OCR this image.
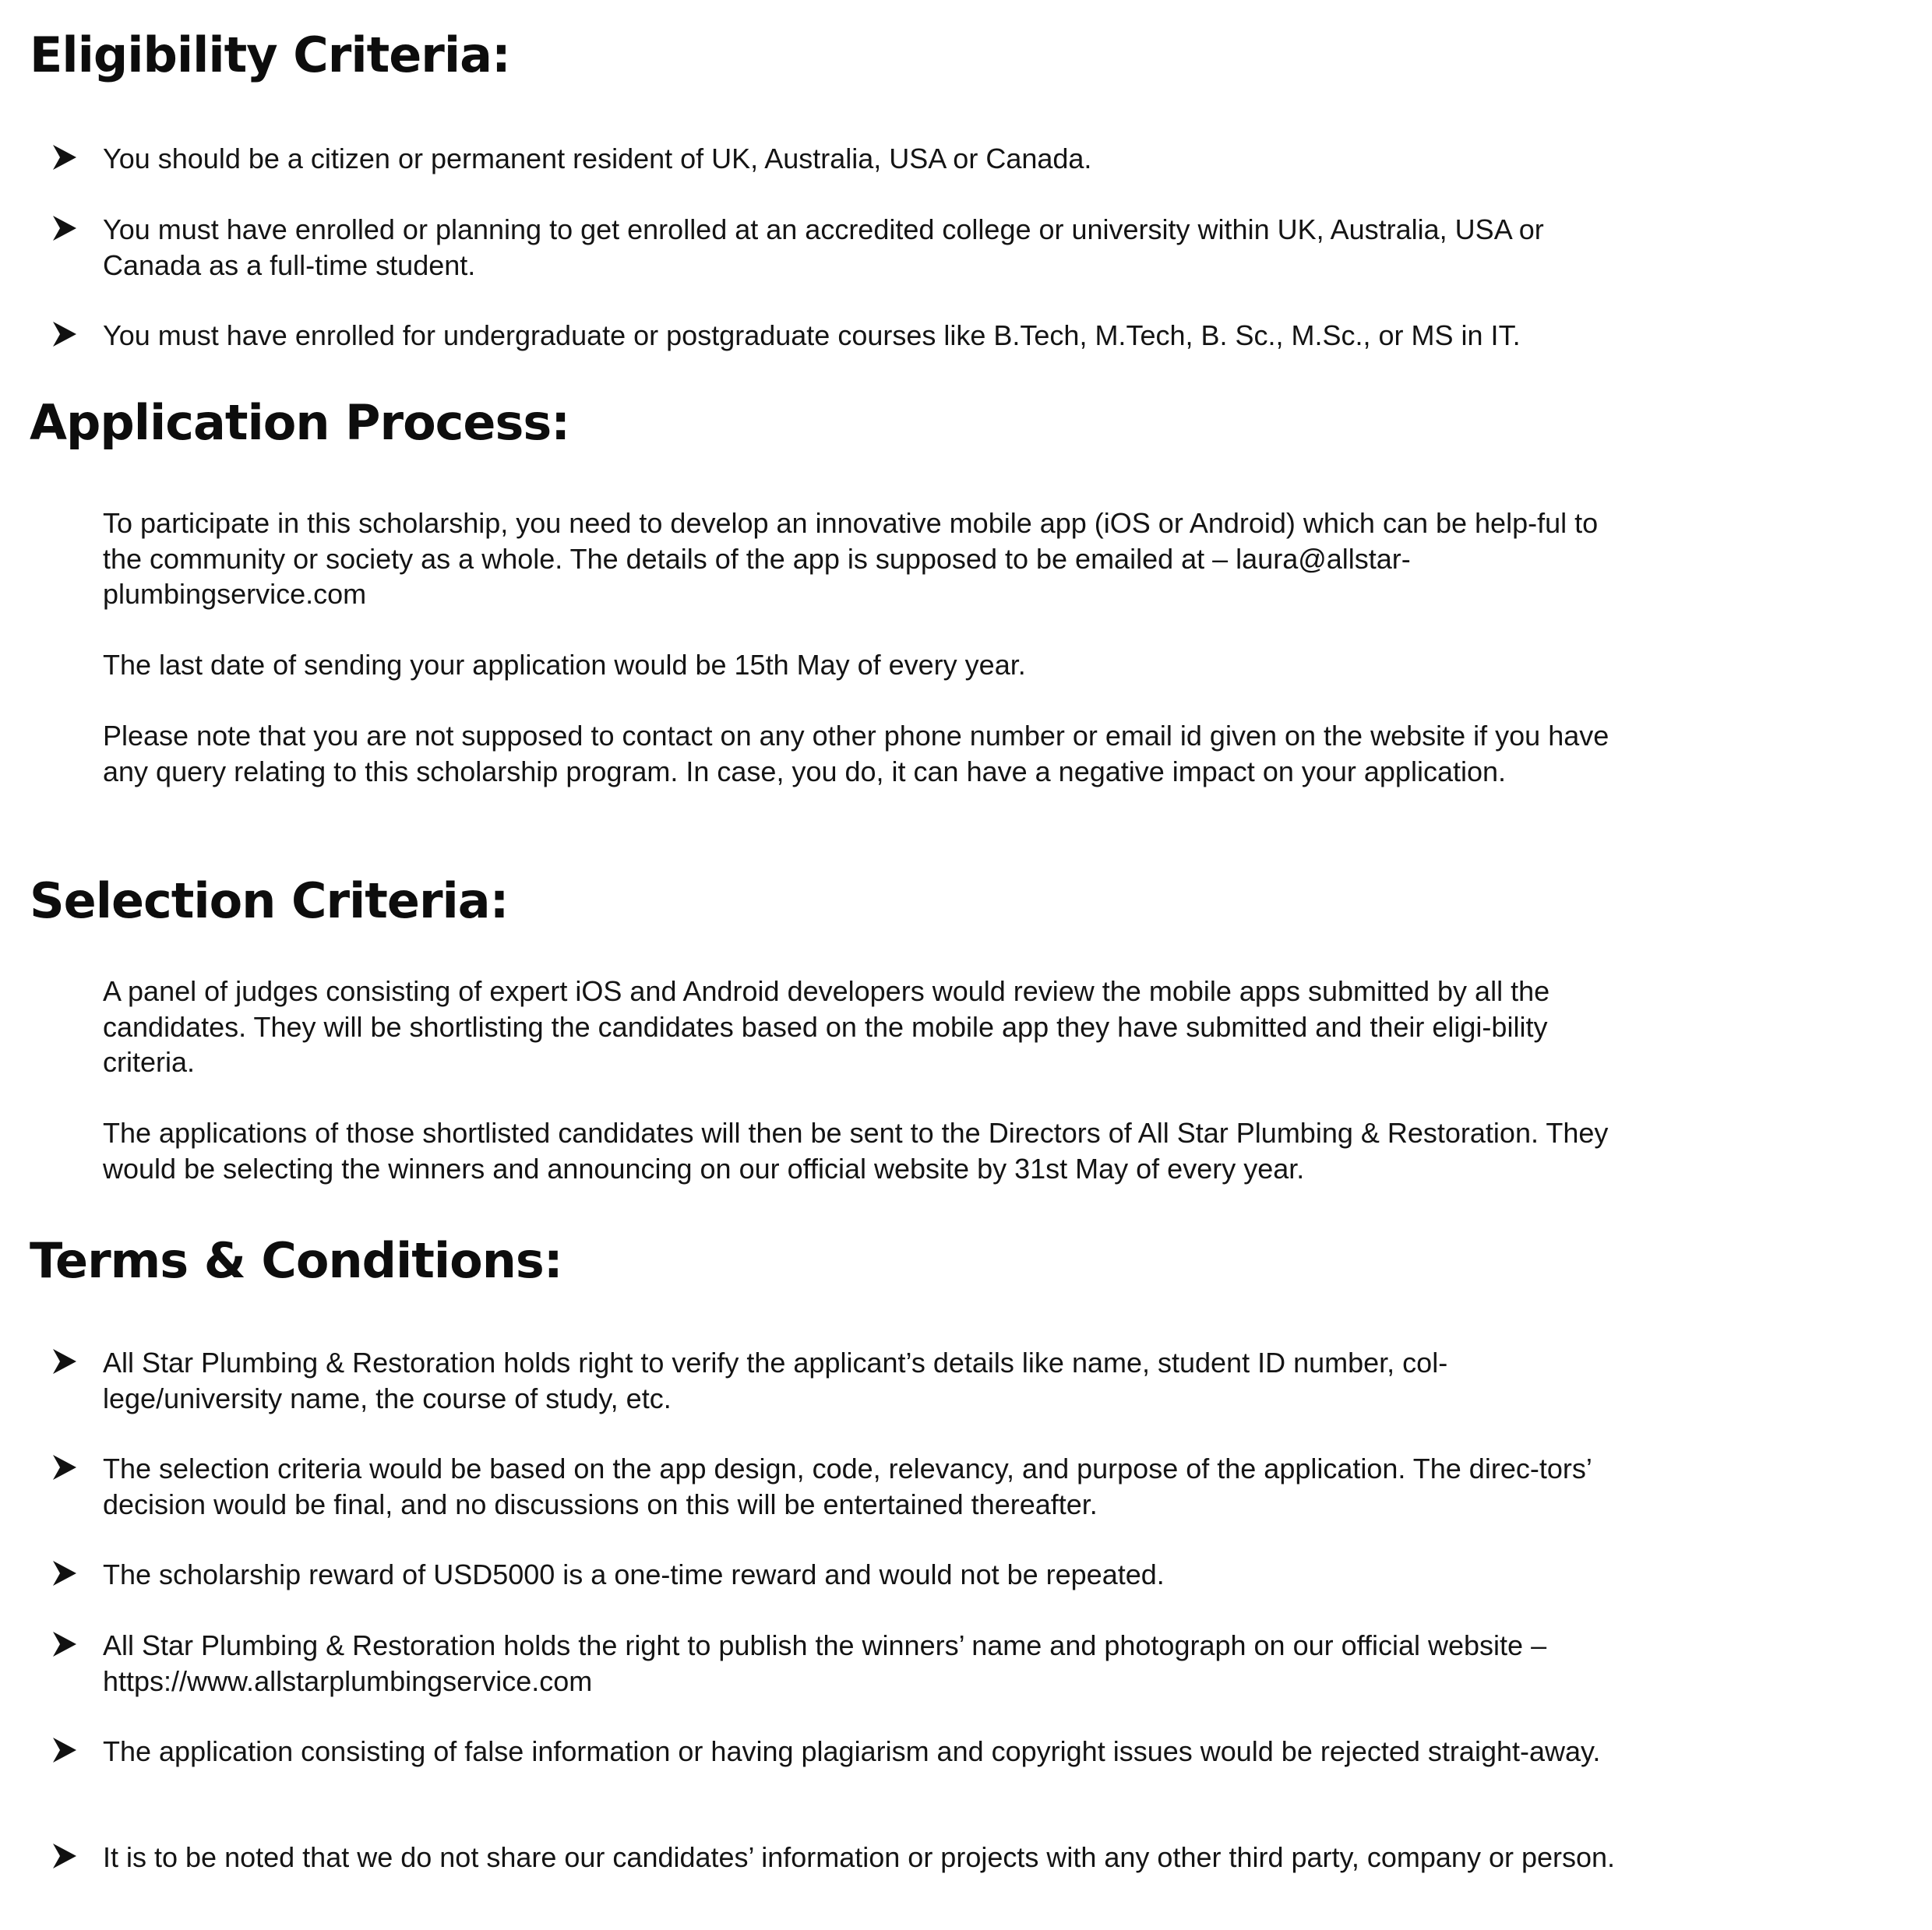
Eligibility Criteria:
You should be a citizen or permanent resident of UK, Australia, USA or Canada.
You must have enrolled or planning to get enrolled at an accredited college or university within UK, Australia, USA or Canada as a full-time student.
You must have enrolled for undergraduate or postgraduate courses like B.Tech, M.Tech, B. Sc., M.Sc., or MS in IT.
Application Process:

To participate in this scholarship, you need to develop an innovative mobile app (iOS or Android) which can be help-ful to the community or society as a whole. The details of the app is supposed to be emailed at – laura@allstar-plumbingservice.com

The last date of sending your application would be 15th May of every year.

Please note that you are not supposed to contact on any other phone number or email id given on the website if you have any query relating to this scholarship program. In case, you do, it can have a negative impact on your application.

Selection Criteria:

A panel of judges consisting of expert iOS and Android developers would review the mobile apps submitted by all the candidates. They will be shortlisting the candidates based on the mobile app they have submitted and their eligi-bility criteria.

The applications of those shortlisted candidates will then be sent to the Directors of All Star Plumbing & Restoration. They would be selecting the winners and announcing on our official website by 31st May of every year.

Terms & Conditions:
All Star Plumbing & Restoration holds right to verify the applicant’s details like name, student ID number, col-lege/university name, the course of study, etc.
The selection criteria would be based on the app design, code, relevancy, and purpose of the application. The direc-tors’ decision would be final, and no discussions on this will be entertained thereafter.
The scholarship reward of USD5000 is a one-time reward and would not be repeated.
All Star Plumbing & Restoration holds the right to publish the winners’ name and photograph on our official website –https://www.allstarplumbingservice.com
The application consisting of false information or having plagiarism and copyright issues would be rejected straight-away.
It is to be noted that we do not share our candidates’ information or projects with any other third party, company or person.
